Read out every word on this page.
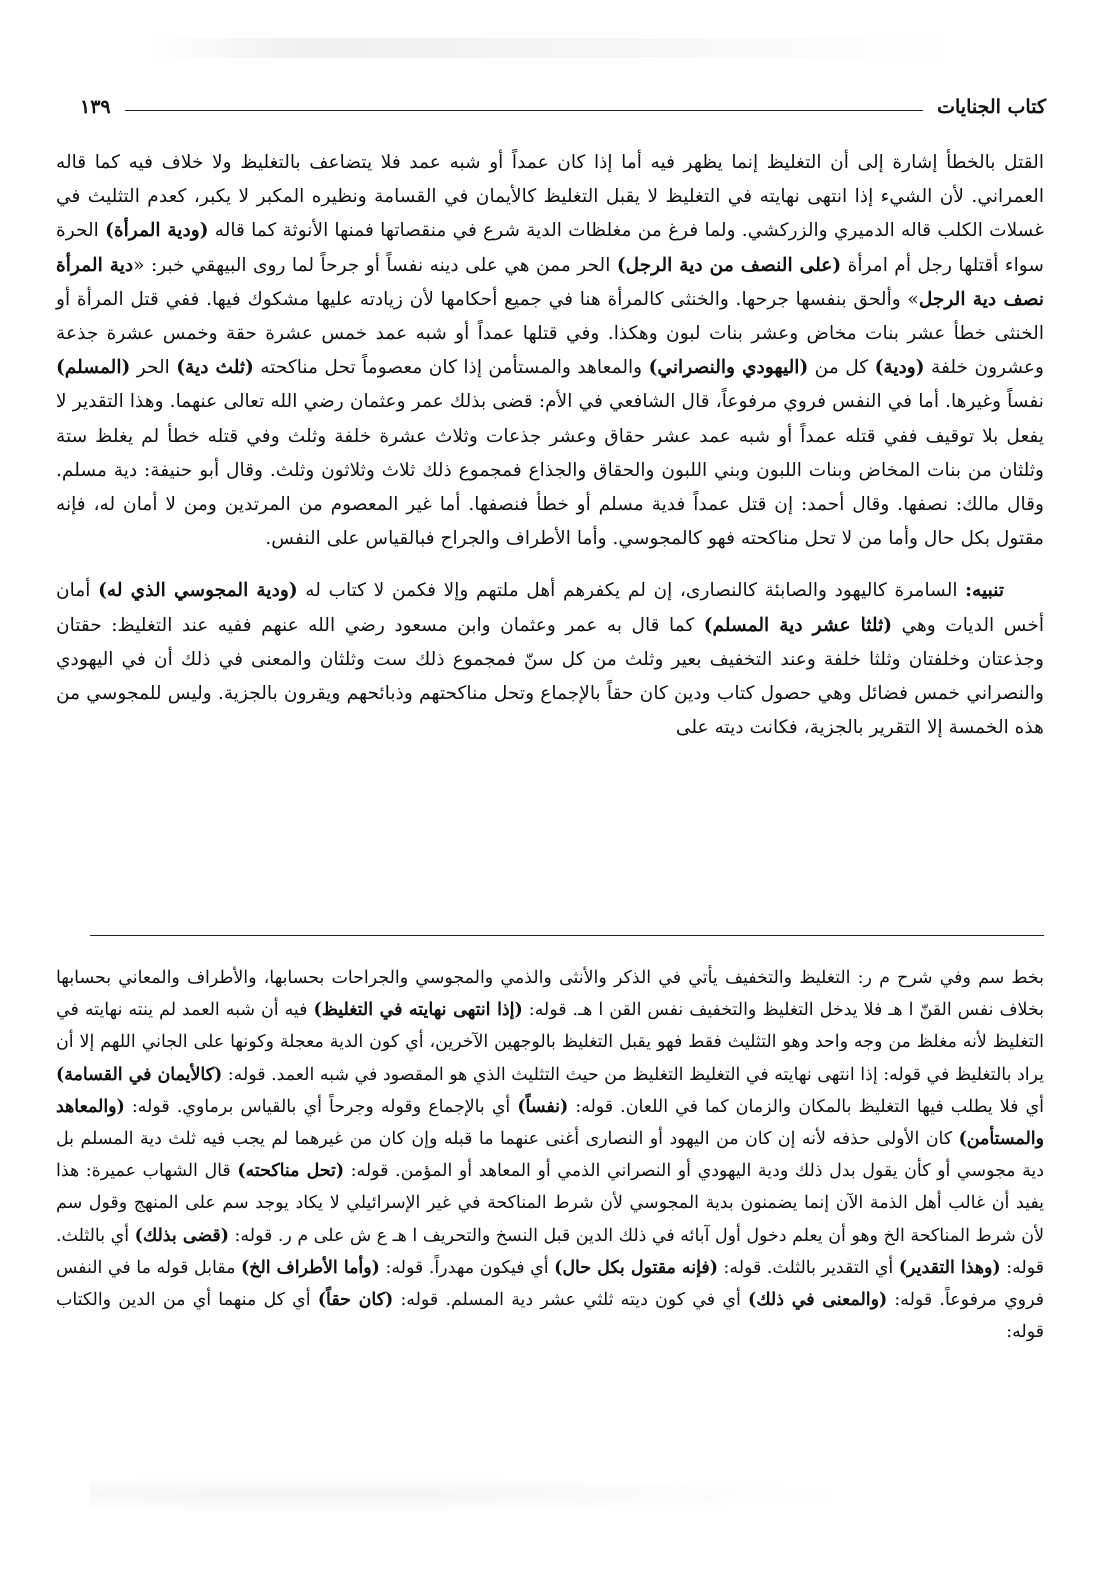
كتاب الجنايات
١٣٩

القتل بالخطأ إشارة إلى أن التغليظ إنما يظهر فيه أما إذا كان عمداً أو شبه عمد فلا يتضاعف بالتغليظ ولا خلاف فيه كما قاله العمراني. لأن الشيء إذا انتهى نهايته في التغليظ لا يقبل التغليظ كالأيمان في القسامة ونظيره المكبر لا يكبر، كعدم التثليث في غسلات الكلب قاله الدميري والزركشي. ولما فرغ من مغلظات الدية شرع في منقصاتها فمنها الأنوثة كما قاله (ودية المرأة) الحرة سواء أقتلها رجل أم امرأة (على النصف من دية الرجل) الحر ممن هي على دينه نفساً أو جرحاً لما روى البيهقي خبر: «دية المرأة نصف دية الرجل» وألحق بنفسها جرحها. والخنثى كالمرأة هنا في جميع أحكامها لأن زيادته عليها مشكوك فيها. ففي قتل المرأة أو الخنثى خطأ عشر بنات مخاض وعشر بنات لبون وهكذا. وفي قتلها عمداً أو شبه عمد خمس عشرة حقة وخمس عشرة جذعة وعشرون خلفة (ودية) كل من (اليهودي والنصراني) والمعاهد والمستأمن إذا كان معصوماً تحل مناكحته (ثلث دية) الحر (المسلم) نفساً وغيرها. أما في النفس فروي مرفوعاً، قال الشافعي في الأم: قضى بذلك عمر وعثمان رضي الله تعالى عنهما. وهذا التقدير لا يفعل بلا توقيف ففي قتله عمداً أو شبه عمد عشر حقاق وعشر جذعات وثلاث عشرة خلفة وثلث وفي قتله خطأ لم يغلظ ستة وثلثان من بنات المخاض وبنات اللبون وبني اللبون والحقاق والجذاع فمجموع ذلك ثلاث وثلاثون وثلث. وقال أبو حنيفة: دية مسلم. وقال مالك: نصفها. وقال أحمد: إن قتل عمداً فدية مسلم أو خطأ فنصفها. أما غير المعصوم من المرتدين ومن لا أمان له، فإنه مقتول بكل حال وأما من لا تحل مناكحته فهو كالمجوسي. وأما الأطراف والجراح فبالقياس على النفس.

تنبيه: السامرة كاليهود والصابئة كالنصارى، إن لم يكفرهم أهل ملتهم وإلا فكمن لا كتاب له (ودية المجوسي الذي له) أمان أخس الديات وهي (ثلثا عشر دية المسلم) كما قال به عمر وعثمان وابن مسعود رضي الله عنهم ففيه عند التغليظ: حقتان وجذعتان وخلفتان وثلثا خلفة وعند التخفيف بعير وثلث من كل سنّ فمجموع ذلك ست وثلثان والمعنى في ذلك أن في اليهودي والنصراني خمس فضائل وهي حصول كتاب ودين كان حقاً بالإجماع وتحل مناكحتهم وذبائحهم ويقرون بالجزية. وليس للمجوسي من هذه الخمسة إلا التقرير بالجزية، فكانت ديته على

بخط سم وفي شرح م ر: التغليظ والتخفيف يأتي في الذكر والأنثى والذمي والمجوسي والجراحات بحسابها، والأطراف والمعاني بحسابها بخلاف نفس القنّ ا هـ فلا يدخل التغليظ والتخفيف نفس القن ا هـ. قوله: (إذا انتهى نهايته في التغليظ) فيه أن شبه العمد لم ينته نهايته في التغليظ لأنه مغلظ من وجه واحد وهو التثليث فقط فهو يقبل التغليظ بالوجهين الآخرين، أي كون الدية معجلة وكونها على الجاني اللهم إلا أن يراد بالتغليظ في قوله: إذا انتهى نهايته في التغليظ التغليظ من حيث التثليث الذي هو المقصود في شبه العمد. قوله: (كالأيمان في القسامة) أي فلا يطلب فيها التغليظ بالمكان والزمان كما في اللعان. قوله: (نفساً) أي بالإجماع وقوله وجرحاً أي بالقياس برماوي. قوله: (والمعاهد والمستأمن) كان الأولى حذفه لأنه إن كان من اليهود أو النصارى أغنى عنهما ما قبله وإن كان من غيرهما لم يجب فيه ثلث دية المسلم بل دية مجوسي أو كأن يقول بدل ذلك ودية اليهودي أو النصراني الذمي أو المعاهد أو المؤمن. قوله: (تحل مناكحته) قال الشهاب عميرة: هذا يفيد أن غالب أهل الذمة الآن إنما يضمنون بدية المجوسي لأن شرط المناكحة في غير الإسرائيلي لا يكاد يوجد سم على المنهج وقول سم لأن شرط المناكحة الخ وهو أن يعلم دخول أول آبائه في ذلك الدين قبل النسخ والتحريف ا هـ ع ش على م ر. قوله: (قضى بذلك) أي بالثلث. قوله: (وهذا التقدير) أي التقدير بالثلث. قوله: (فإنه مقتول بكل حال) أي فيكون مهدراً. قوله: (وأما الأطراف الخ) مقابل قوله ما في النفس فروي مرفوعاً. قوله: (والمعنى في ذلك) أي في كون ديته ثلثي عشر دية المسلم. قوله: (كان حقاً) أي كل منهما أي من الدين والكتاب قوله:
